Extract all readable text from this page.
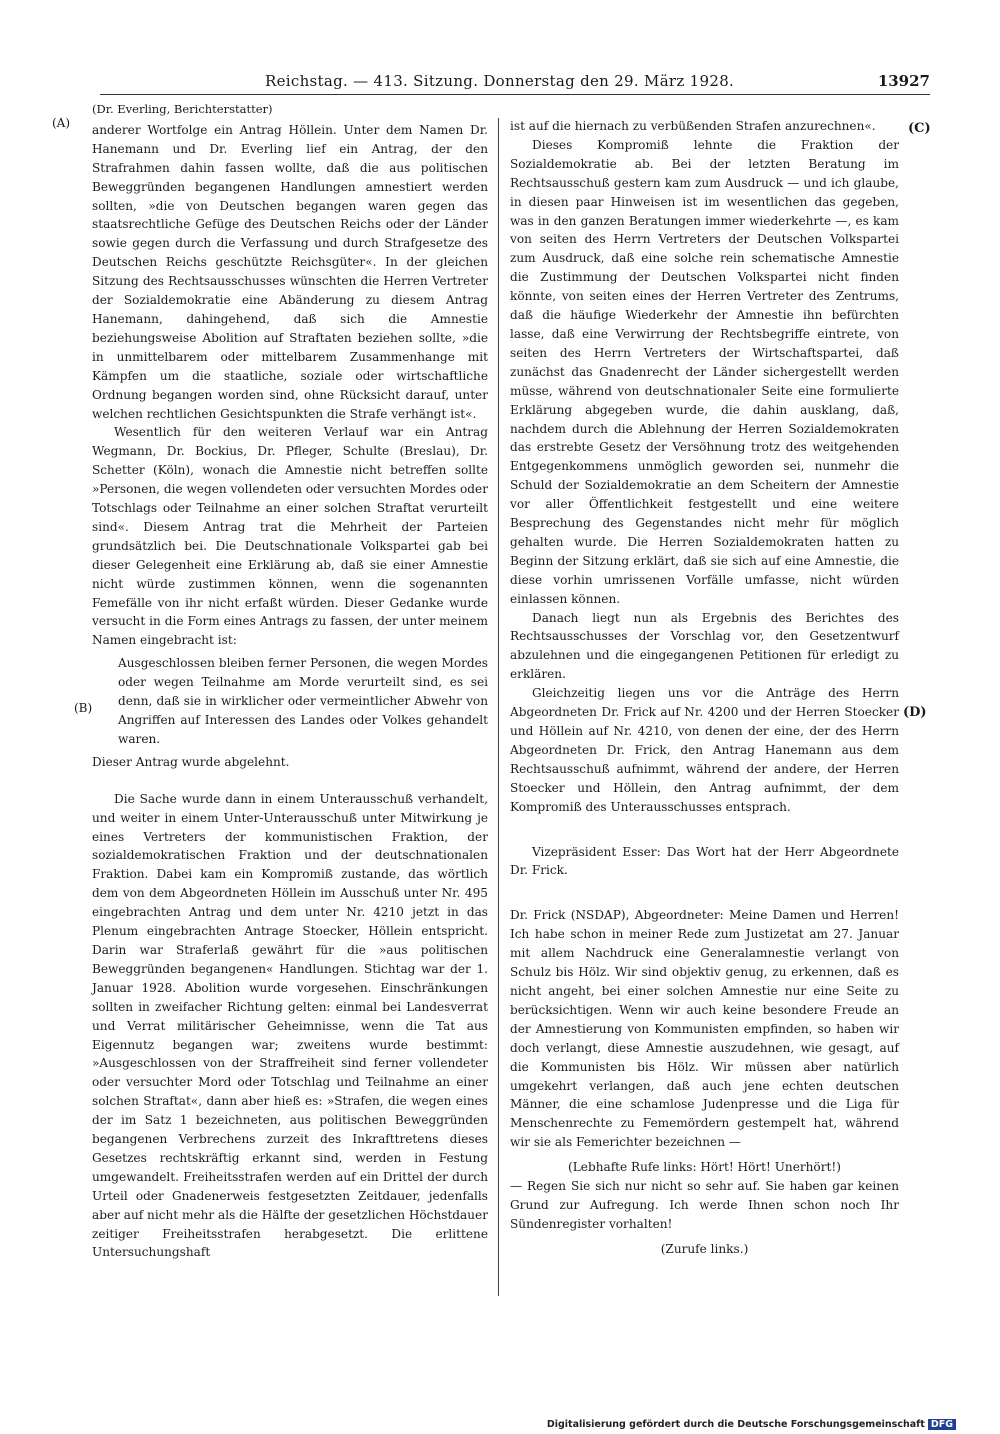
Reichstag. — 413. Sitzung. Donnerstag den 29. März 1928.	13927
(A)
(B)
(C)
(D)

(Dr. Everling, Berichterstatter)

anderer Wortfolge ein Antrag Höllein. Unter dem Namen Dr. Hanemann und Dr. Everling lief ein Antrag, der den Strafrahmen dahin fassen wollte, daß die aus politischen Beweggründen begangenen Handlungen amnestiert werden sollten, »die von Deutschen begangen waren gegen das staatsrechtliche Gefüge des Deutschen Reichs oder der Länder sowie gegen durch die Verfassung und durch Strafgesetze des Deutschen Reichs geschützte Reichsgüter«. In der gleichen Sitzung des Rechtsausschusses wünschten die Herren Vertreter der Sozialdemokratie eine Abänderung zu diesem Antrag Hanemann, dahingehend, daß sich die Amnestie beziehungsweise Abolition auf Straftaten beziehen sollte, »die in unmittelbarem oder mittelbarem Zusammenhange mit Kämpfen um die staatliche, soziale oder wirtschaftliche Ordnung begangen worden sind, ohne Rücksicht darauf, unter welchen rechtlichen Gesichtspunkten die Strafe verhängt ist«.

Wesentlich für den weiteren Verlauf war ein Antrag Wegmann, Dr. Bockius, Dr. Pfleger, Schulte (Breslau), Dr. Schetter (Köln), wonach die Amnestie nicht betreffen sollte »Personen, die wegen vollendeten oder versuchten Mordes oder Totschlags oder Teilnahme an einer solchen Straftat verurteilt sind«. Diesem Antrag trat die Mehrheit der Parteien grundsätzlich bei. Die Deutschnationale Volkspartei gab bei dieser Gelegenheit eine Erklärung ab, daß sie einer Amnestie nicht würde zustimmen können, wenn die sogenannten Femefälle von ihr nicht erfaßt würden. Dieser Gedanke wurde versucht in die Form eines Antrags zu fassen, der unter meinem Namen eingebracht ist:

Ausgeschlossen bleiben ferner Personen, die wegen Mordes oder wegen Teilnahme am Morde verurteilt sind, es sei denn, daß sie in wirklicher oder vermeintlicher Abwehr von Angriffen auf Interessen des Landes oder Volkes gehandelt waren.

Dieser Antrag wurde abgelehnt.

Die Sache wurde dann in einem Unterausschuß verhandelt, und weiter in einem Unter-Unterausschuß unter Mitwirkung je eines Vertreters der kommunistischen Fraktion, der sozialdemokratischen Fraktion und der deutschnationalen Fraktion. Dabei kam ein Kompromiß zustande, das wörtlich dem von dem Abgeordneten Höllein im Ausschuß unter Nr. 495 eingebrachten Antrag und dem unter Nr. 4210 jetzt in das Plenum eingebrachten Antrage Stoecker, Höllein entspricht. Darin war Straferlaß gewährt für die »aus politischen Beweggründen begangenen« Handlungen. Stichtag war der 1. Januar 1928. Abolition wurde vorgesehen. Einschränkungen sollten in zweifacher Richtung gelten: einmal bei Landesverrat und Verrat militärischer Geheimnisse, wenn die Tat aus Eigennutz begangen war; zweitens wurde bestimmt: »Ausgeschlossen von der Straffreiheit sind ferner vollendeter oder versuchter Mord oder Totschlag und Teilnahme an einer solchen Straftat«, dann aber hieß es: »Strafen, die wegen eines der im Satz 1 bezeichneten, aus politischen Beweggründen begangenen Verbrechens zurzeit des Inkrafttretens dieses Gesetzes rechtskräftig erkannt sind, werden in Festung umgewandelt. Freiheitsstrafen werden auf ein Drittel der durch Urteil oder Gnadenerweis festgesetzten Zeitdauer, jedenfalls aber auf nicht mehr als die Hälfte der gesetzlichen Höchstdauer zeitiger Freiheitsstrafen herabgesetzt. Die erlittene Untersuchungshaft

ist auf die hiernach zu verbüßenden Strafen anzurechnen«.

Dieses Kompromiß lehnte die Fraktion der Sozialdemokratie ab. Bei der letzten Beratung im Rechtsausschuß gestern kam zum Ausdruck — und ich glaube, in diesen paar Hinweisen ist im wesentlichen das gegeben, was in den ganzen Beratungen immer wiederkehrte —, es kam von seiten des Herrn Vertreters der Deutschen Volkspartei zum Ausdruck, daß eine solche rein schematische Amnestie die Zustimmung der Deutschen Volkspartei nicht finden könnte, von seiten eines der Herren Vertreter des Zentrums, daß die häufige Wiederkehr der Amnestie ihn befürchten lasse, daß eine Verwirrung der Rechtsbegriffe eintrete, von seiten des Herrn Vertreters der Wirtschaftspartei, daß zunächst das Gnadenrecht der Länder sichergestellt werden müsse, während von deutschnationaler Seite eine formulierte Erklärung abgegeben wurde, die dahin ausklang, daß, nachdem durch die Ablehnung der Herren Sozialdemokraten das erstrebte Gesetz der Versöhnung trotz des weitgehenden Entgegenkommens unmöglich geworden sei, nunmehr die Schuld der Sozialdemokratie an dem Scheitern der Amnestie vor aller Öffentlichkeit festgestellt und eine weitere Besprechung des Gegenstandes nicht mehr für möglich gehalten wurde. Die Herren Sozialdemokraten hatten zu Beginn der Sitzung erklärt, daß sie sich auf eine Amnestie, die diese vorhin umrissenen Vorfälle umfasse, nicht würden einlassen können.

Danach liegt nun als Ergebnis des Berichtes des Rechtsausschusses der Vorschlag vor, den Gesetzentwurf abzulehnen und die eingegangenen Petitionen für erledigt zu erklären.

Gleichzeitig liegen uns vor die Anträge des Herrn Abgeordneten Dr. Frick auf Nr. 4200 und der Herren Stoecker und Höllein auf Nr. 4210, von denen der eine, der des Herrn Abgeordneten Dr. Frick, den Antrag Hanemann aus dem Rechtsausschuß aufnimmt, während der andere, der Herren Stoecker und Höllein, den Antrag aufnimmt, der dem Kompromiß des Unterausschusses entsprach.

Vizepräsident Esser: Das Wort hat der Herr Abgeordnete Dr. Frick.

Dr. Frick (NSDAP), Abgeordneter: Meine Damen und Herren! Ich habe schon in meiner Rede zum Justizetat am 27. Januar mit allem Nachdruck eine Generalamnestie verlangt von Schulz bis Hölz. Wir sind objektiv genug, zu erkennen, daß es nicht angeht, bei einer solchen Amnestie nur eine Seite zu berücksichtigen. Wenn wir auch keine besondere Freude an der Amnestierung von Kommunisten empfinden, so haben wir doch verlangt, diese Amnestie auszudehnen, wie gesagt, auf die Kommunisten bis Hölz. Wir müssen aber natürlich umgekehrt verlangen, daß auch jene echten deutschen Männer, die eine schamlose Judenpresse und die Liga für Menschenrechte zu Fememördern gestempelt hat, während wir sie als Femerichter bezeichnen —

(Lebhafte Rufe links: Hört! Hört! Unerhört!)

— Regen Sie sich nur nicht so sehr auf. Sie haben gar keinen Grund zur Aufregung. Ich werde Ihnen schon noch Ihr Sündenregister vorhalten!

(Zurufe links.)

Digitalisierung gefördert durch die Deutsche Forschungsgemeinschaft DFG
